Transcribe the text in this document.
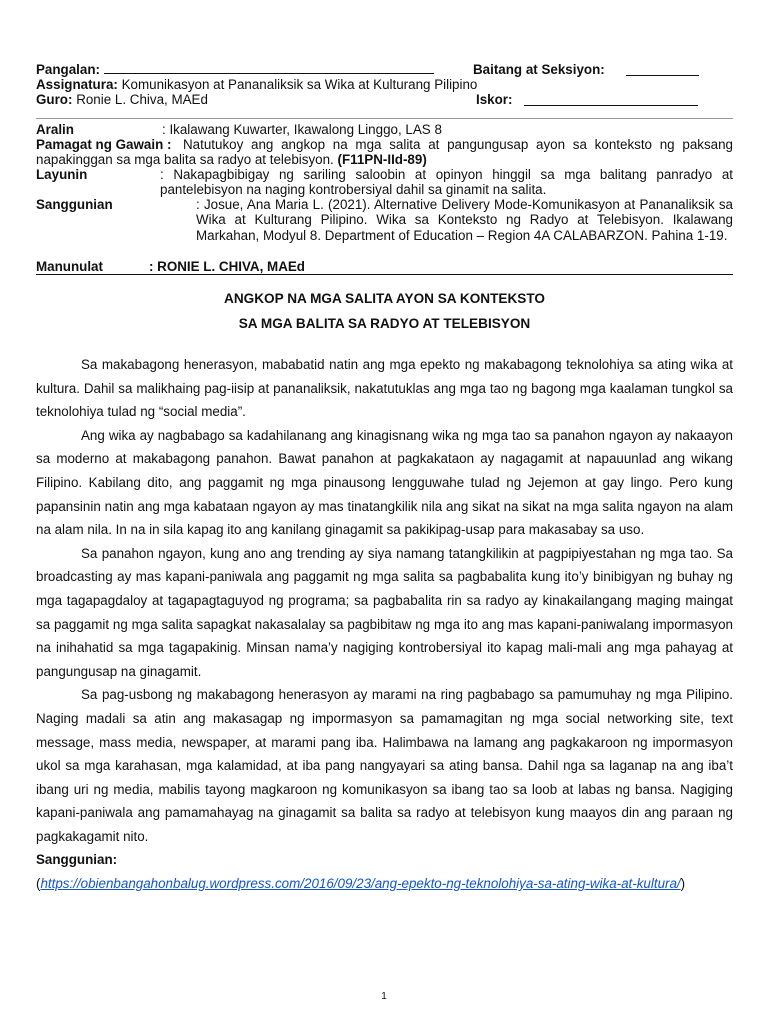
Pangalan:	Baitang at Seksiyon:
Assignatura: Komunikasyon at Pananaliksik sa Wika at Kulturang Pilipino
Guro: Ronie L. Chiva, MAEd	Iskor:
Aralin	: Ikalawang Kuwarter, Ikawalong Linggo, LAS 8
Pamagat ng Gawain : Natutukoy ang angkop na mga salita at pangungusap ayon sa konteksto ng paksang napakinggan sa mga balita sa radyo at telebisyon. (F11PN-IId-89)
Layunin	: Nakapagbibigay ng sariling saloobin at opinyon hinggil sa mga balitang panradyo at pantelebisyon na naging kontrobersiyal dahil sa ginamit na salita.
Sanggunian	: Josue, Ana Maria L. (2021). Alternative Delivery Mode-Komunikasyon at Pananaliksik sa Wika at Kulturang Pilipino. Wika sa Konteksto ng Radyo at Telebisyon. Ikalawang Markahan, Modyul 8. Department of Education – Region 4A CALABARZON. Pahina 1-19.
Manunulat	: RONIE L. CHIVA, MAEd
ANGKOP NA MGA SALITA AYON SA KONTEKSTO
SA MGA BALITA SA RADYO AT TELEBISYON

Sa makabagong henerasyon, mababatid natin ang mga epekto ng makabagong teknolohiya sa ating wika at kultura. Dahil sa malikhaing pag-iisip at pananaliksik, nakatutuklas ang mga tao ng bagong mga kaalaman tungkol sa teknolohiya tulad ng “social media”.

Ang wika ay nagbabago sa kadahilanang ang kinagisnang wika ng mga tao sa panahon ngayon ay nakaayon sa moderno at makabagong panahon. Bawat panahon at pagkakataon ay nagagamit at napauunlad ang wikang Filipino. Kabilang dito, ang paggamit ng mga pinausong lengguwahe tulad ng Jejemon at gay lingo. Pero kung papansinin natin ang mga kabataan ngayon ay mas tinatangkilik nila ang sikat na sikat na mga salita ngayon na alam na alam nila. In na in sila kapag ito ang kanilang ginagamit sa pakikipag-usap para makasabay sa uso.

Sa panahon ngayon, kung ano ang trending ay siya namang tatangkilikin at pagpipiyestahan ng mga tao. Sa broadcasting ay mas kapani-paniwala ang paggamit ng mga salita sa pagbabalita kung ito’y binibigyan ng buhay ng mga tagapagdaloy at tagapagtaguyod ng programa; sa pagbabalita rin sa radyo ay kinakailangang maging maingat sa paggamit ng mga salita sapagkat nakasalalay sa pagbibitaw ng mga ito ang mas kapani-paniwalang impormasyon na inihahatid sa mga tagapakinig. Minsan nama’y nagiging kontrobersiyal ito kapag mali-mali ang mga pahayag at pangungusap na ginagamit.

Sa pag-usbong ng makabagong henerasyon ay marami na ring pagbabago sa pamumuhay ng mga Pilipino. Naging madali sa atin ang makasagap ng impormasyon sa pamamagitan ng mga social networking site, text message, mass media, newspaper, at marami pang iba. Halimbawa na lamang ang pagkakaroon ng impormasyon ukol sa mga karahasan, mga kalamidad, at iba pang nangyayari sa ating bansa. Dahil nga sa laganap na ang iba’t ibang uri ng media, mabilis tayong magkaroon ng komunikasyon sa ibang tao sa loob at labas ng bansa. Nagiging kapani-paniwala ang pamamahayag na ginagamit sa balita sa radyo at telebisyon kung maayos din ang paraan ng pagkakagamit nito.

Sanggunian:
(https://obienbangahonbalug.wordpress.com/2016/09/23/ang-epekto-ng-teknolohiya-sa-ating-wika-at-kultura/)
1
